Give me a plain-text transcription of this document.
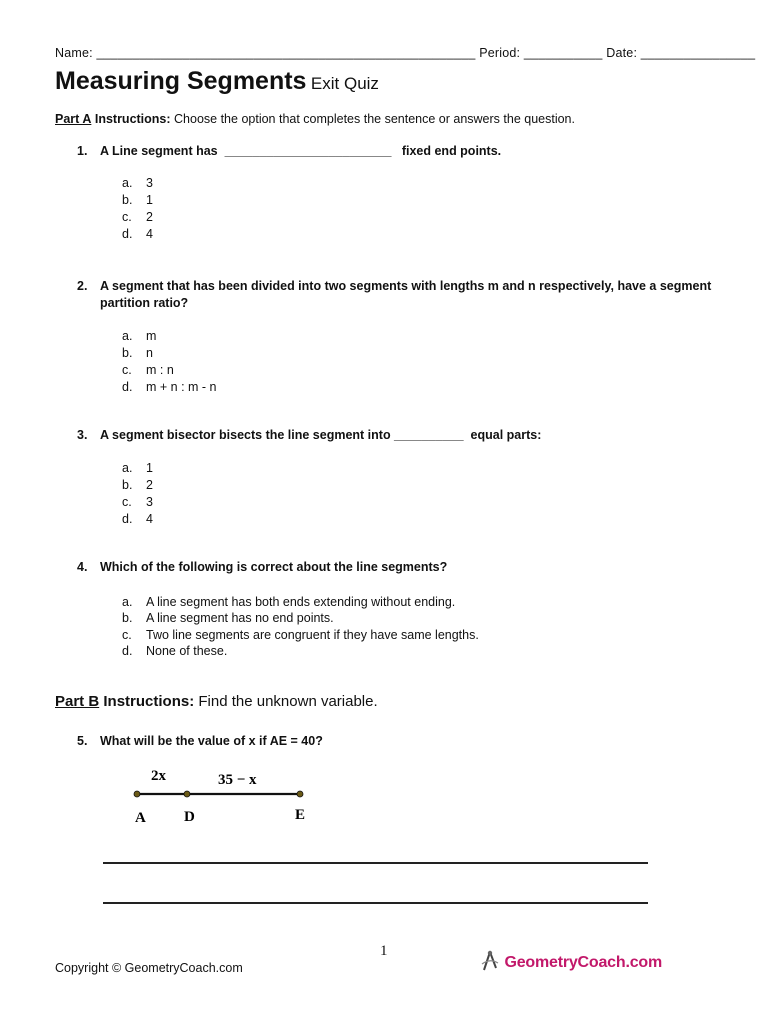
Name: _____________________________________________________ Period: ___________ Date: ________________
Measuring Segments Exit Quiz
Part A Instructions: Choose the option that completes the sentence or answers the question.
1. A Line segment has  ________________________   fixed end points.
a. 3
b. 1
c. 2
d. 4
2. A segment that has been divided into two segments with lengths m and n respectively, have a segment partition ratio?
a. m
b. n
c. m : n
d. m + n : m - n
3. A segment bisector bisects the line segment into __________  equal parts:
a. 1
b. 2
c. 3
d. 4
4. Which of the following is correct about the line segments?
a. A line segment has both ends extending without ending.
b. A line segment has no end points.
c. Two line segments are congruent if they have same lengths.
d. None of these.
Part B Instructions: Find the unknown variable.
5. What will be the value of x if AE = 40?
2x	35 − x
A	D	E
1
Copyright © GeometryCoach.com	GeometryCoach.com
